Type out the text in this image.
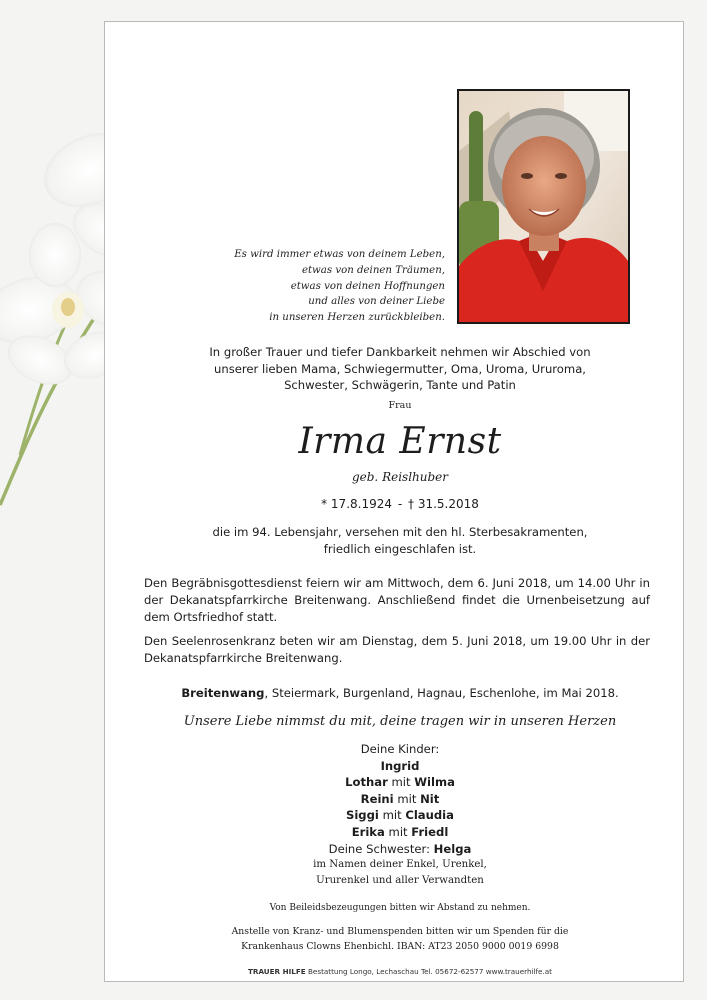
Es wird immer etwas von deinem Leben,
etwas von deinen Träumen,
etwas von deinen Hoffnungen
und alles von deiner Liebe
in unseren Herzen zurückbleiben.
In großer Trauer und tiefer Dankbarkeit nehmen wir Abschied von
unserer lieben Mama, Schwiegermutter, Oma, Uroma, Ururoma,
Schwester, Schwägerin, Tante und Patin
Frau
Irma Ernst
geb. Reislhuber
* 17.8.1924 - † 31.5.2018
die im 94. Lebensjahr, versehen mit den hl. Sterbesakramenten,
friedlich eingeschlafen ist.
Den Begräbnisgottesdienst feiern wir am Mittwoch, dem 6. Juni 2018, um 14.00 Uhr in der Dekanatspfarrkirche Breitenwang. Anschließend findet die Urnenbeisetzung auf dem Ortsfriedhof statt.
Den Seelenrosenkranz beten wir am Dienstag, dem 5. Juni 2018, um 19.00 Uhr in der Dekanatspfarrkirche Breitenwang.
Breitenwang, Steiermark, Burgenland, Hagnau, Eschenlohe, im Mai 2018.
Unsere Liebe nimmst du mit, deine tragen wir in unseren Herzen
Deine Kinder:
Ingrid
Lothar mit Wilma
Reini mit Nit
Siggi mit Claudia
Erika mit Friedl
Deine Schwester: Helga
im Namen deiner Enkel, Urenkel,
Ururenkel und aller Verwandten
Von Beileidsbezeugungen bitten wir Abstand zu nehmen.
Anstelle von Kranz- und Blumenspenden bitten wir um Spenden für die
Krankenhaus Clowns Ehenbichl. IBAN: AT23 2050 9000 0019 6998
TRAUER HILFE Bestattung Longo, Lechaschau Tel. 05672-62577 www.trauerhilfe.at
